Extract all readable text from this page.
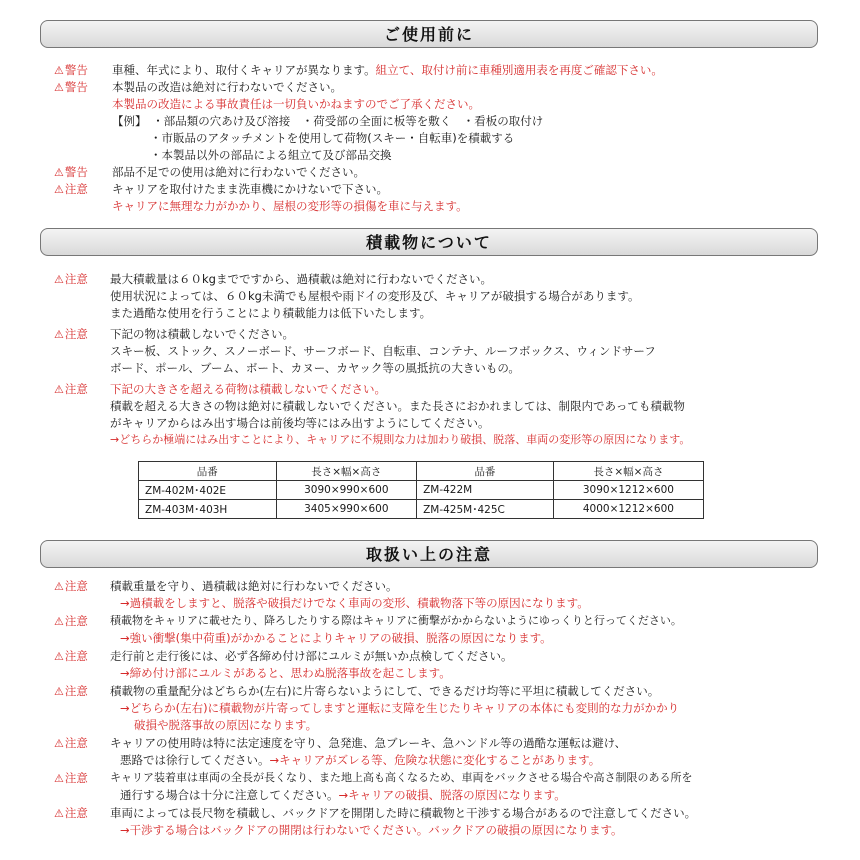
ご使用前に
⚠警告 車種、年式により、取付くキャリアが異なります。組立て、取付け前に車種別適用表を再度ご確認下さい。
⚠警告 本製品の改造は絶対に行わないでください。
本製品の改造による事故責任は一切負いかねますのでご了承ください。
【例】　・部品類の穴あけ及び溶接　・荷受部の全面に板等を敷く　・看板の取付け
・市販品のアタッチメントを使用して荷物(スキー・自転車)を積載する
・本製品以外の部品による組立て及び部品交換
⚠警告 部品不足での使用は絶対に行わないでください。
⚠注意 キャリアを取付けたまま洗車機にかけないで下さい。
キャリアに無理な力がかかり、屋根の変形等の損傷を車に与えます。
積載物について
⚠注意 最大積載量は６０kgまでですから、過積載は絶対に行わないでください。
使用状況によっては、６０kg未満でも屋根や雨ドイの変形及び、キャリアが破損する場合があります。
また過酷な使用を行うことにより積載能力は低下いたします。
⚠注意 下記の物は積載しないでください。
スキー板、ストック、スノーボード、サーフボード、自転車、コンテナ、ルーフボックス、ウィンドサーフ
ボード、ポール、ブーム、ボート、カヌー、カヤック等の風抵抗の大きいもの。
⚠注意 下記の大きさを超える荷物は積載しないでください。
積載を超える大きさの物は絶対に積載しないでください。また長さにおかれましては、制限内であっても積載物
がキャリアからはみ出す場合は前後均等にはみ出すようにしてください。
→どちらか極端にはみ出すことにより、キャリアに不規則な力は加わり破損、脱落、車両の変形等の原因になります。
品番	長さ×幅×高さ	品番	長さ×幅×高さ
ZM-402M･402E	3090×990×600	ZM-422M	3090×1212×600
ZM-403M･403H	3405×990×600	ZM-425M･425C	4000×1212×600
取扱い上の注意
⚠注意 積載重量を守り、過積載は絶対に行わないでください。
→過積載をしますと、脱落や破損だけでなく車両の変形、積載物落下等の原因になります。
⚠注意 積載物をキャリアに載せたり、降ろしたりする際はキャリアに衝撃がかからないようにゆっくりと行ってください。
→強い衝撃(集中荷重)がかかることによりキャリアの破損、脱落の原因になります。
⚠注意 走行前と走行後には、必ず各締め付け部にユルミが無いか点検してください。
→締め付け部にユルミがあると、思わぬ脱落事故を起こします。
⚠注意 積載物の重量配分はどちらか(左右)に片寄らないようにして、できるだけ均等に平坦に積載してください。
→どちらか(左右)に積載物が片寄ってしますと運転に支障を生じたりキャリアの本体にも変則的な力がかかり
破損や脱落事故の原因になります。
⚠注意 キャリアの使用時は特に法定速度を守り、急発進、急ブレーキ、急ハンドル等の過酷な運転は避け、
悪路では徐行してください。→キャリアがズレる等、危険な状態に変化することがあります。
⚠注意 キャリア装着車は車両の全長が長くなり、また地上高も高くなるため、車両をバックさせる場合や高さ制限のある所を
通行する場合は十分に注意してください。→キャリアの破損、脱落の原因になります。
⚠注意 車両によっては長尺物を積載し、バックドアを開閉した時に積載物と干渉する場合があるので注意してください。
→干渉する場合はバックドアの開閉は行わないでください。バックドアの破損の原因になります。
